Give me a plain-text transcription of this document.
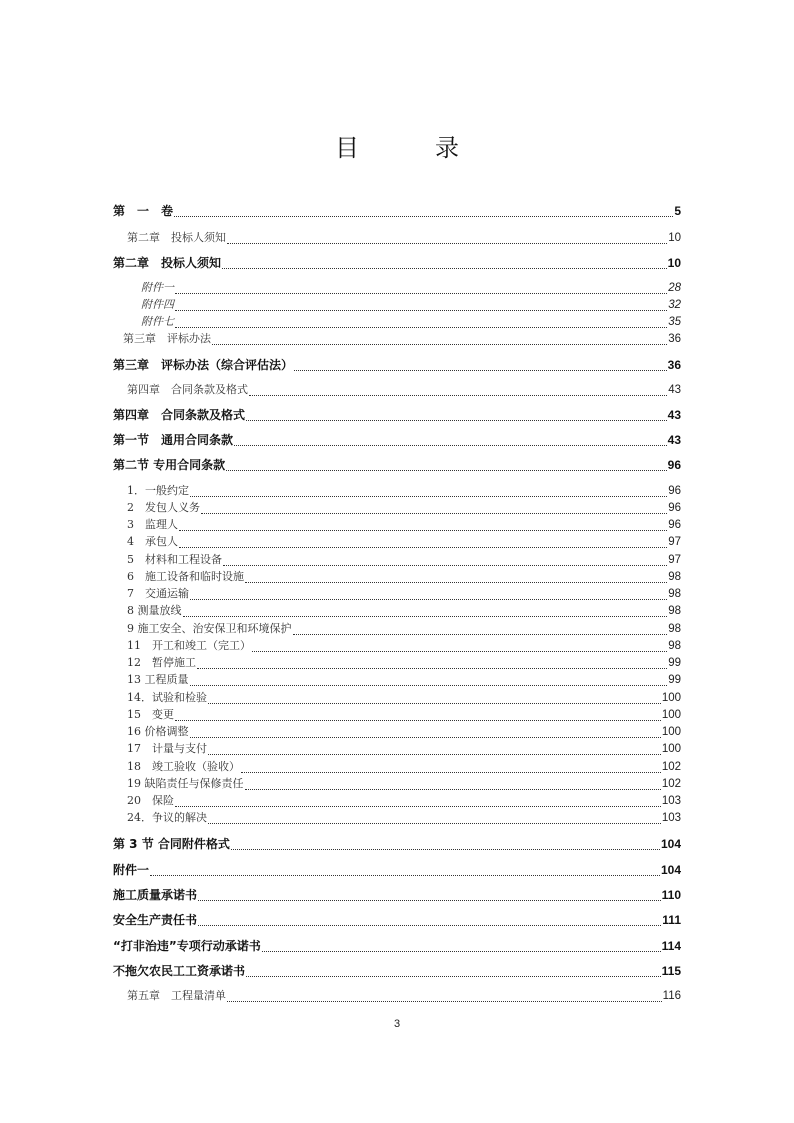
目　录
第　一　卷	5
第二章　投标人须知	10
第二章　投标人须知	10
附件一	28
附件四	32
附件七	35
第三章　评标办法	36
第三章　评标办法（综合评估法）	36
第四章　合同条款及格式	43
第四章　合同条款及格式	43
第一节　通用合同条款	43
第二节 专用合同条款	96
1．一般约定	96
2　发包人义务	96
3　监理人	96
4　承包人	97
5　材料和工程设备	97
6　施工设备和临时设施	98
7　交通运输	98
8 测量放线	98
9 施工安全、治安保卫和环境保护	98
11　开工和竣工（完工）	98
12　暂停施工	99
13 工程质量	99
14．试验和检验	100
15　变更	100
16 价格调整	100
17　计量与支付	100
18　竣工验收（验收）	102
19 缺陷责任与保修责任	102
20　保险	103
24．争议的解决	103
第 3 节 合同附件格式	104
附件一	104
施工质量承诺书	110
安全生产责任书	111
“打非治违”专项行动承诺书	114
不拖欠农民工工资承诺书	115
第五章　工程量清单	116
3
